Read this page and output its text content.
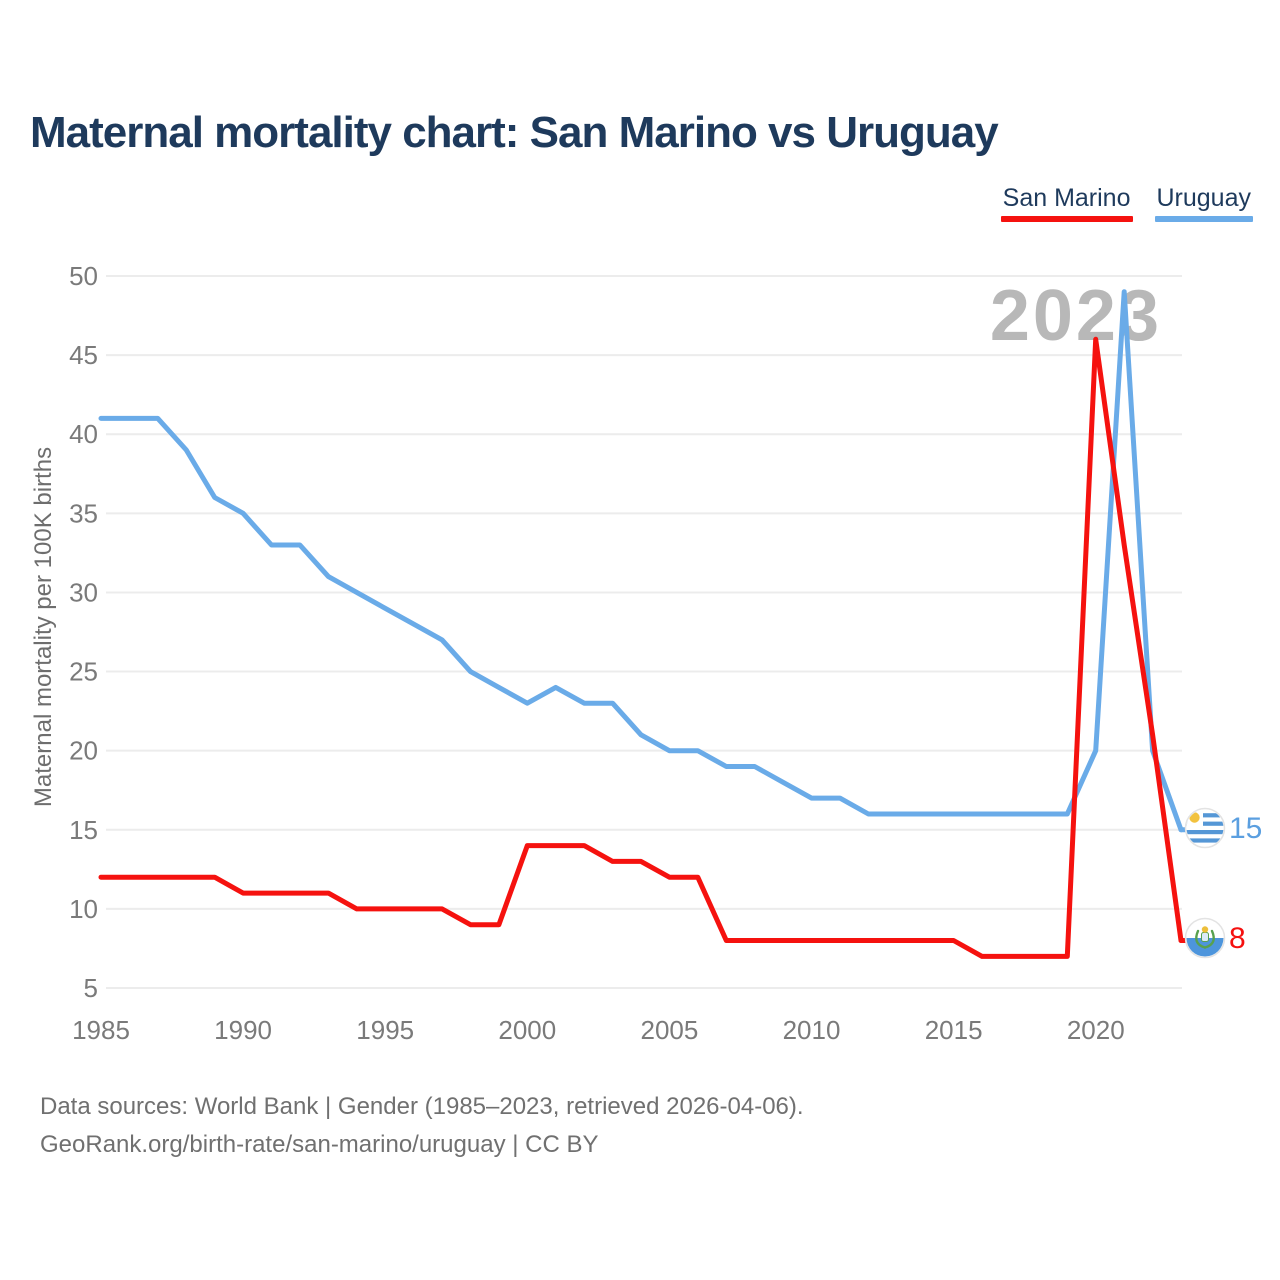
Maternal mortality chart: San Marino vs Uruguay
San Marino Uruguay
5
10
15
20
25
30
35
40
45
50
1985	1990	1995	2000	2005	2010	2015	2020
2023
15
8
Maternal mortality per 100K births
Data sources: World Bank | Gender (1985–2023, retrieved 2026-04-06).
GeoRank.org/birth-rate/san-marino/uruguay | CC BY
